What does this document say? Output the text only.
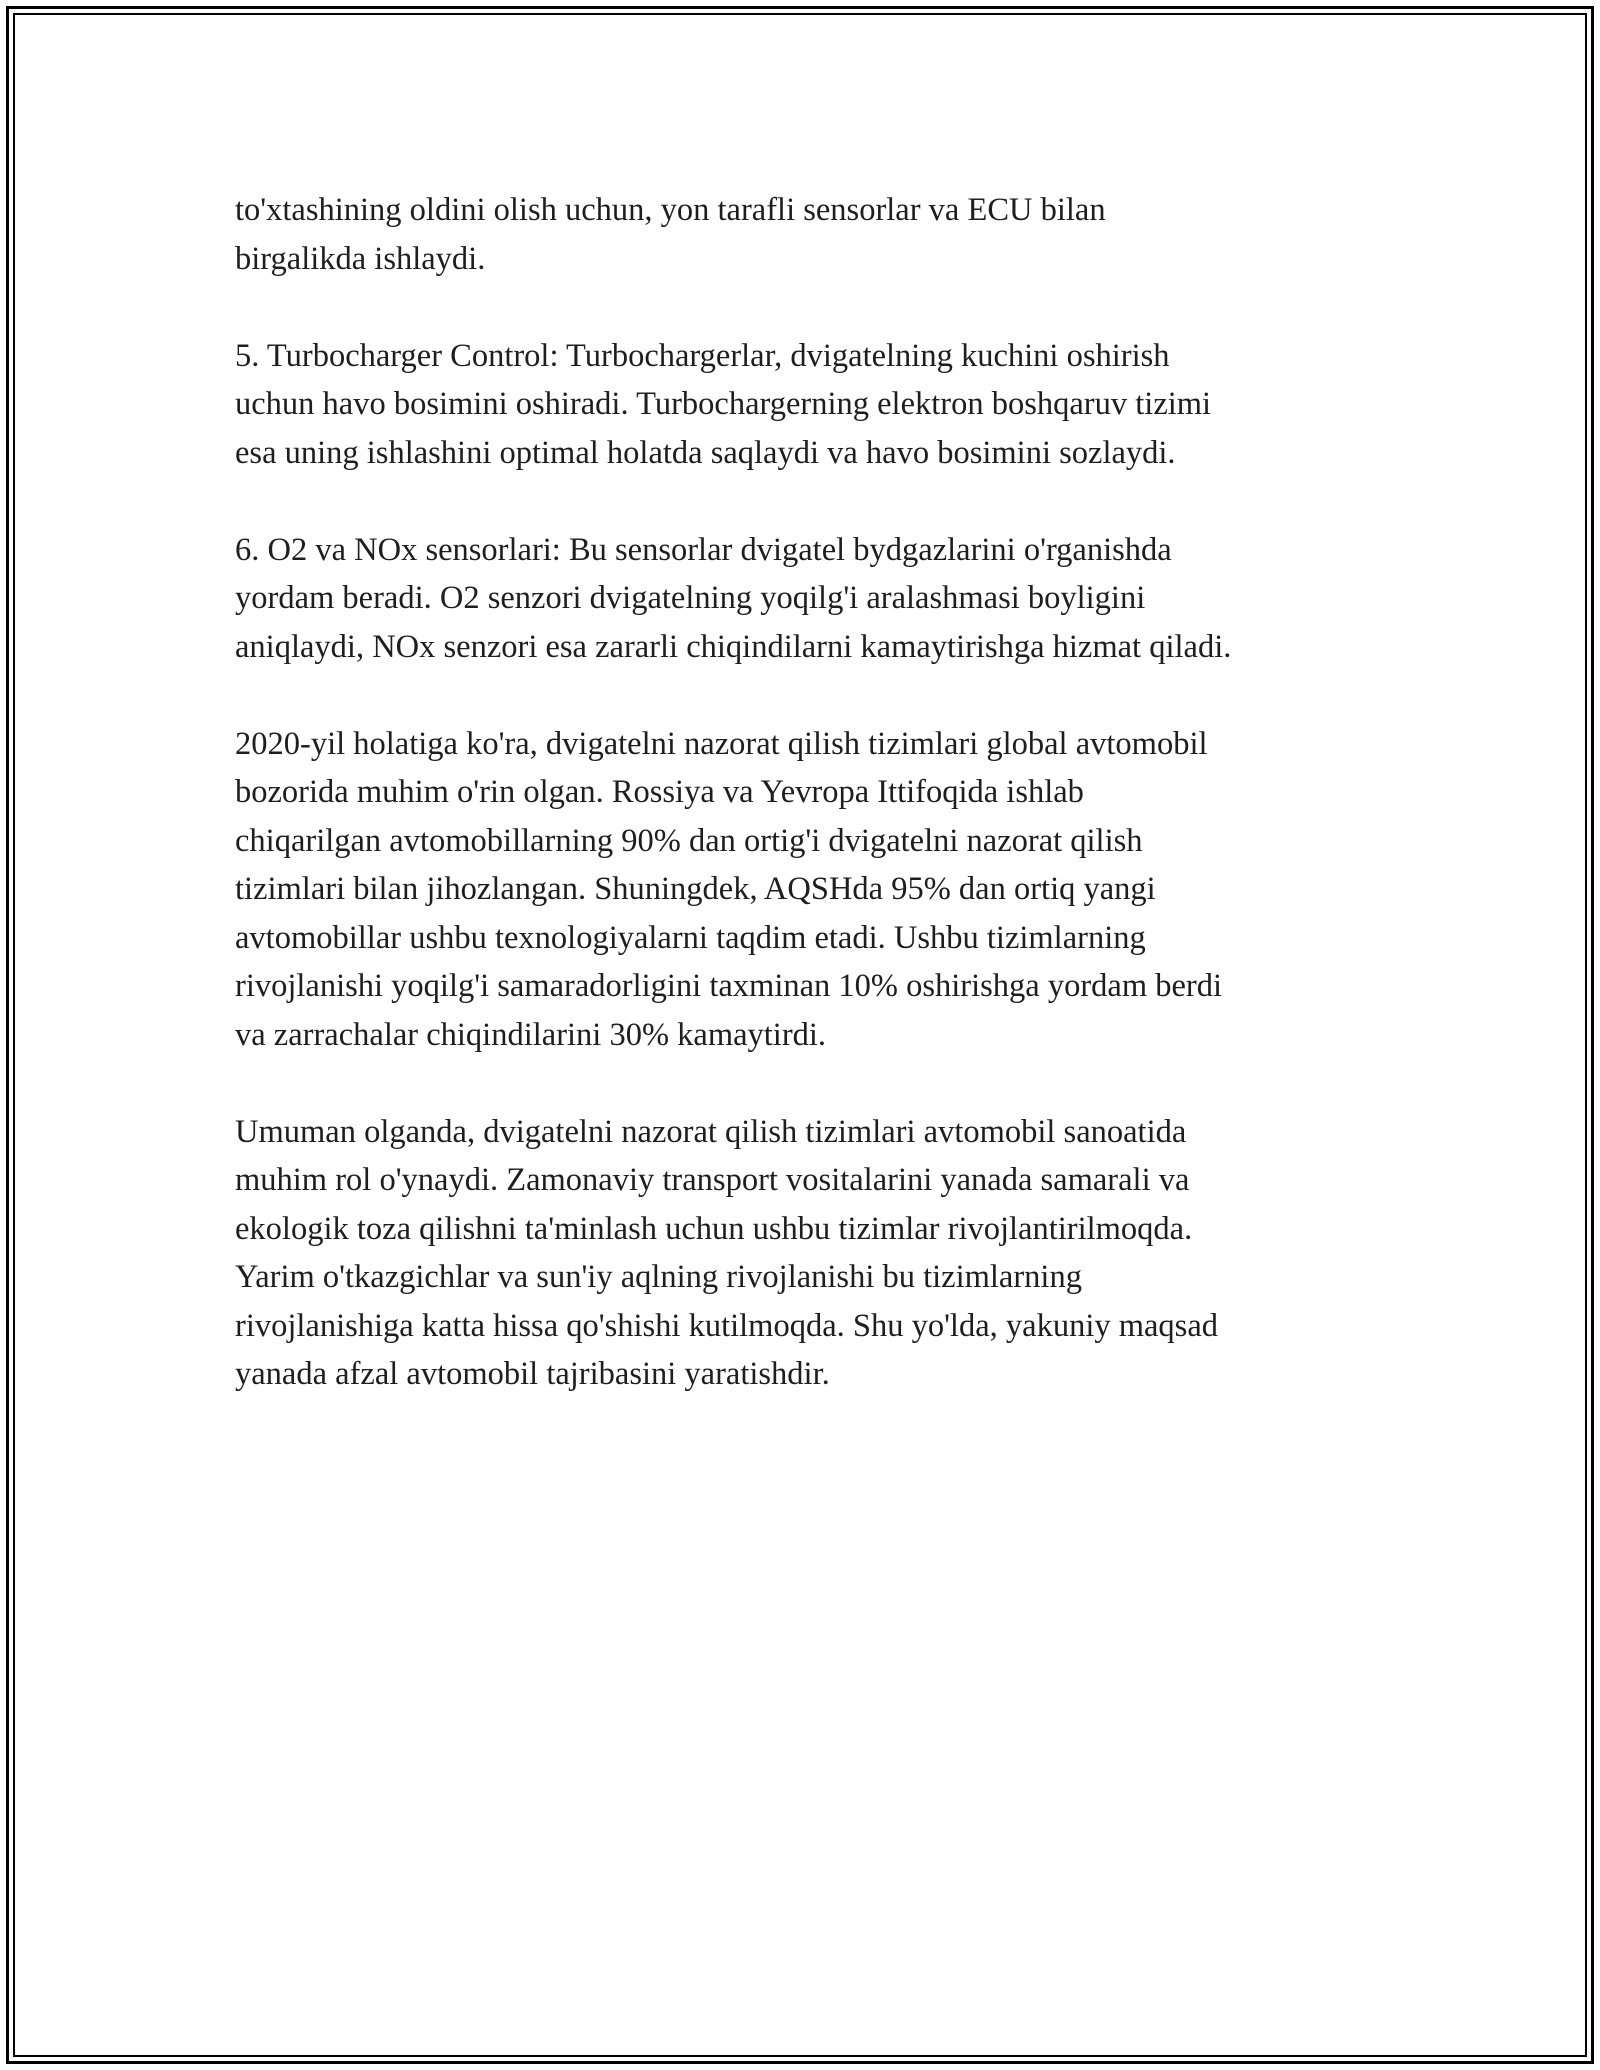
to'xtashining oldini olish uchun, yon tarafli sensorlar va ECU bilan
birgalikda ishlaydi.

5. Turbocharger Control: Turbochargerlar, dvigatelning kuchini oshirish
uchun havo bosimini oshiradi. Turbochargerning elektron boshqaruv tizimi
esa uning ishlashini optimal holatda saqlaydi va havo bosimini sozlaydi.

6. O2 va NOx sensorlari: Bu sensorlar dvigatel bydgazlarini o'rganishda
yordam beradi. O2 senzori dvigatelning yoqilg'i aralashmasi boyligini
aniqlaydi, NOx senzori esa zararli chiqindilarni kamaytirishga hizmat qiladi.

2020-yil holatiga ko'ra, dvigatelni nazorat qilish tizimlari global avtomobil
bozorida muhim o'rin olgan. Rossiya va Yevropa Ittifoqida ishlab
chiqarilgan avtomobillarning 90% dan ortig'i dvigatelni nazorat qilish
tizimlari bilan jihozlangan. Shuningdek, AQSHda 95% dan ortiq yangi
avtomobillar ushbu texnologiyalarni taqdim etadi. Ushbu tizimlarning
rivojlanishi yoqilg'i samaradorligini taxminan 10% oshirishga yordam berdi
va zarrachalar chiqindilarini 30% kamaytirdi.

Umuman olganda, dvigatelni nazorat qilish tizimlari avtomobil sanoatida
muhim rol o'ynaydi. Zamonaviy transport vositalarini yanada samarali va
ekologik toza qilishni ta'minlash uchun ushbu tizimlar rivojlantirilmoqda.
Yarim o'tkazgichlar va sun'iy aqlning rivojlanishi bu tizimlarning
rivojlanishiga katta hissa qo'shishi kutilmoqda. Shu yo'lda, yakuniy maqsad
yanada afzal avtomobil tajribasini yaratishdir.
